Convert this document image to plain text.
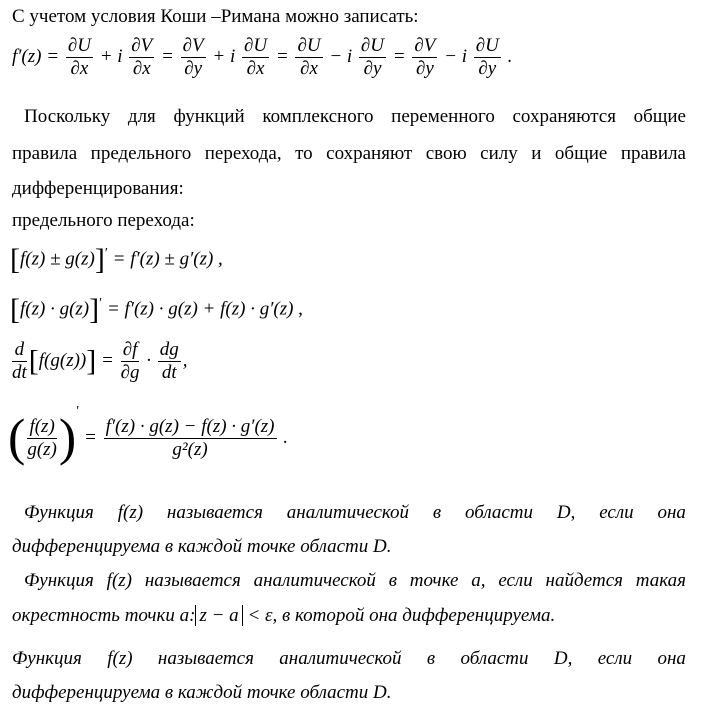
С учетом условия Коши –Римана можно записать:
$f'(z) = \frac{\partial U}{\partial x} + i \frac{\partial V}{\partial x} = \frac{\partial V}{\partial y} + i \frac{\partial U}{\partial x} = \frac{\partial U}{\partial x} - i \frac{\partial U}{\partial y} = \frac{\partial V}{\partial y} - i \frac{\partial U}{\partial y}$ .
Поскольку для функций комплексного переменного сохраняются общие
правила предельного перехода, то сохраняют свою силу и общие правила
дифференцирования:
предельного перехода:
[f(z) ± g(z)]′ = f′(z) ± g′(z) ,
[f(z) · g(z)]′ = f′(z) · g(z) + f(z) · g′(z) ,
$\frac{d}{dt} [f(g(z))] = \frac{\partial f}{\partial g} \cdot \frac{dg}{dt}$ ,
( $\frac{f(z)}{g(z)} )' = \frac{f'(z) \cdot g(z) - f(z) \cdot g'(z)}{\text{g²(z)}}$ .
Функция f(z) называется аналитической в области D, если она
дифференцируема в каждой точке области D.
Функция f(z) называется аналитической в точке a, если найдется такая
окрестность точки a: z − a < ε, в которой она дифференцируема.
Функция f(z) называется аналитической в области D, если она
дифференцируема в каждой точке области D.
